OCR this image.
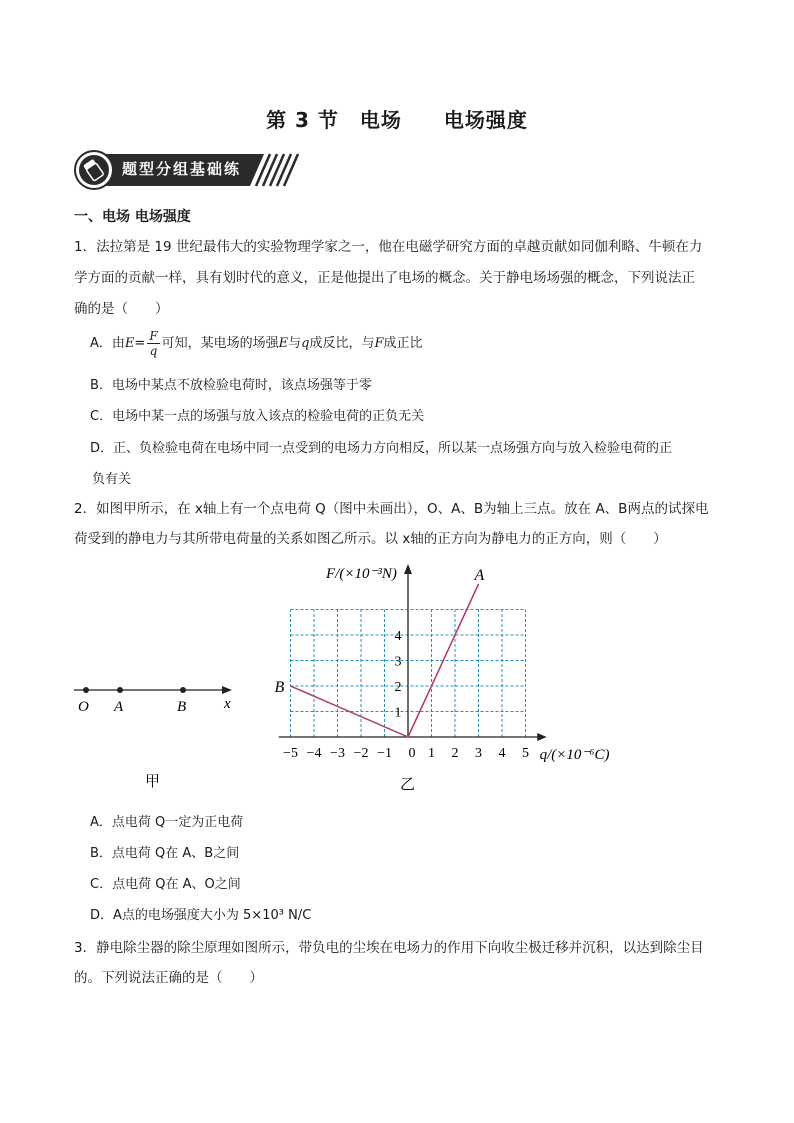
第 3 节　电场　　电场强度
题型分组基础练
一、电场 电场强度
1．法拉第是 19 世纪最伟大的实验物理学家之一，他在电磁学研究方面的卓越贡献如同伽利略、牛顿在力
学方面的贡献一样，具有划时代的意义，正是他提出了电场的概念。关于静电场场强的概念，下列说法正
确的是（　　）
A．由$E= \frac{F}{q}$ 可知，某电场的场强E与q成反比，与F成正比
B．电场中某点不放检验电荷时，该点场强等于零
C．电场中某一点的场强与放入该点的检验电荷的正负无关
D．正、负检验电荷在电场中同一点受到的电场力方向相反，所以某一点场强方向与放入检验电荷的正
负有关
2．如图甲所示，在 x轴上有一个点电荷 Q（图中未画出），O、A、B为轴上三点。放在 A、B两点的试探电
荷受到的静电力与其所带电荷量的关系如图乙所示。以 x轴的正方向为静电力的正方向，则（　　）
O A	B	x
甲
−5 −4 −3 −2 −1 0 1 2 3 4 5
1
2
3
4
A
B
F/(×10⁻³N)
q/(×10⁻⁶C)
乙
A．点电荷 Q一定为正电荷
B．点电荷 Q在 A、B之间
C．点电荷 Q在 A、O之间
D．A点的电场强度大小为 5×10³ N/C
3．静电除尘器的除尘原理如图所示，带负电的尘埃在电场力的作用下向收尘极迁移并沉积，以达到除尘目
的。下列说法正确的是（　　）
